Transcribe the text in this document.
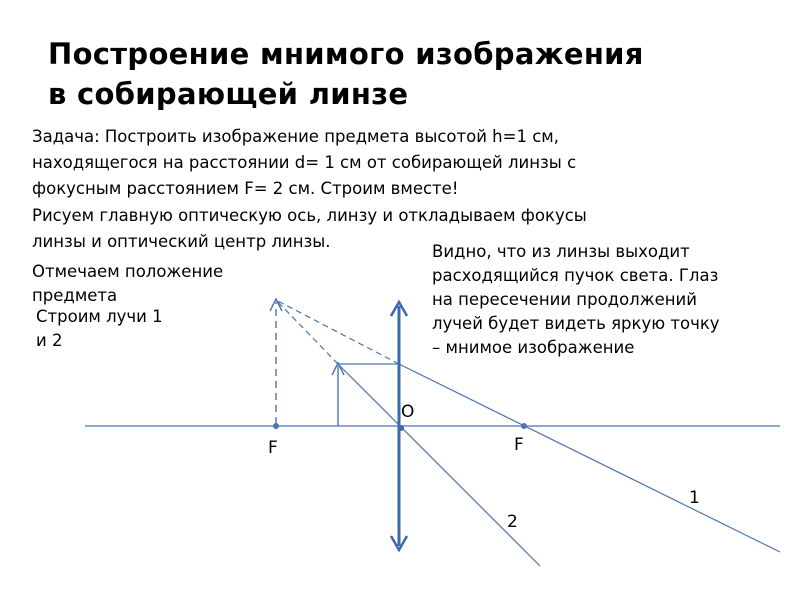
Построение мнимого изображения
в собирающей линзе
Задача: Построить изображение предмета высотой h=1 см,
находящегося на расстоянии d= 1 см от собирающей линзы с
фокусным расстоянием F= 2 см. Строим вместе!
Рисуем главную оптическую ось, линзу и откладываем фокусы
линзы и оптический центр линзы.
Отмечаем положение
предмета
Строим лучи 1
и 2
Видно, что из линзы выходит
расходящийся пучок света. Глаз
на пересечении продолжений
лучей будет видеть яркую точку
– мнимое изображение
O
F	F
1
2
